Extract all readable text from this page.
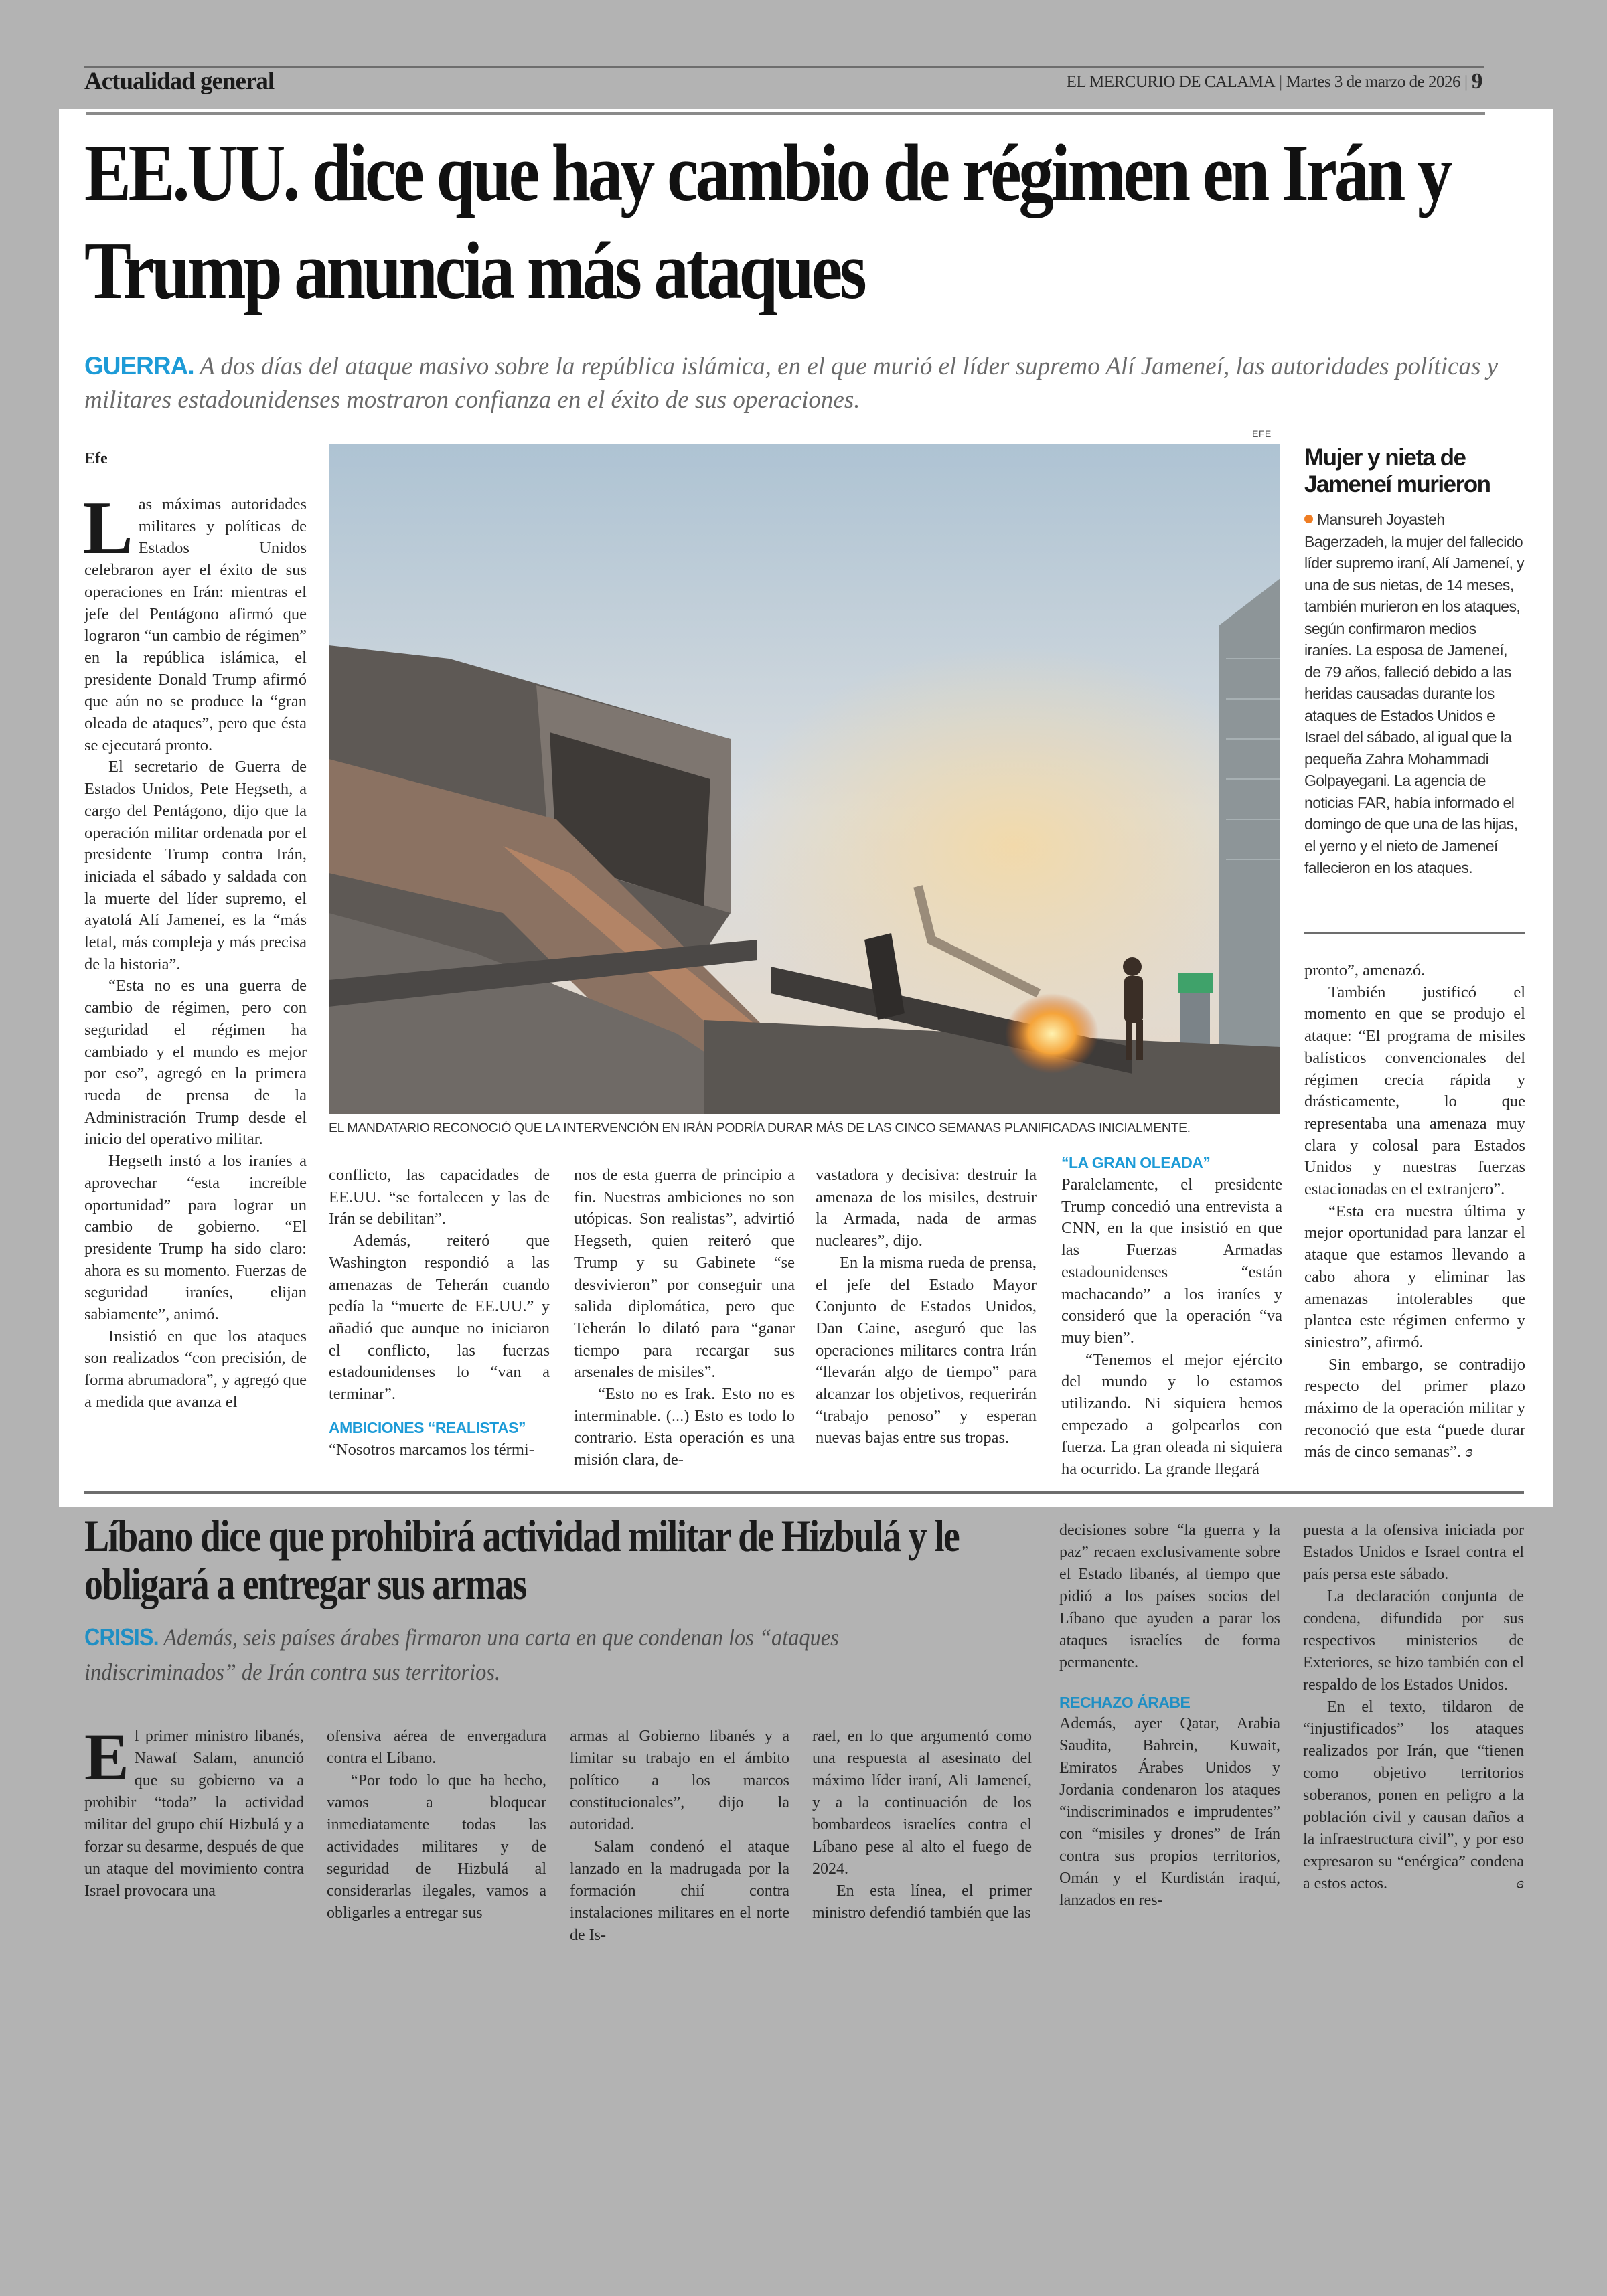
Actualidad general	EL MERCURIO DE CALAMA | Martes 3 de marzo de 2026 | 9
EE.UU. dice que hay cambio de régimen en Irán y Trump anuncia más ataques

GUERRA. A dos días del ataque masivo sobre la república islámica, en el que murió el líder supremo Alí Jameneí, las autoridades políticas y militares estadounidenses mostraron confianza en el éxito de sus operaciones.

Efe
L as máximas autoridades militares y políticas de Estados Unidos celebraron ayer el éxito de sus operaciones en Irán: mientras el jefe del Pentágono afirmó que lograron “un cambio de régimen” en la república islámica, el presidente Donald Trump afirmó que aún no se produce la “gran oleada de ataques”, pero que ésta se ejecutará pronto.

El secretario de Guerra de Estados Unidos, Pete Hegseth, a cargo del Pentágono, dijo que la operación militar ordenada por el presidente Trump contra Irán, iniciada el sábado y saldada con la muerte del líder supremo, el ayatolá Alí Jameneí, es la “más letal, más compleja y más precisa de la historia”.

“Esta no es una guerra de cambio de régimen, pero con seguridad el régimen ha cambiado y el mundo es mejor por eso”, agregó en la primera rueda de prensa de la Administración Trump desde el inicio del operativo militar.

Hegseth instó a los iraníes a aprovechar “esta increíble oportunidad” para lograr un cambio de gobierno. “El presidente Trump ha sido claro: ahora es su momento. Fuerzas de seguridad iraníes, elijan sabiamente”, animó.

Insistió en que los ataques son realizados “con precisión, de forma abrumadora”, y agregó que a medida que avanza el

EFE
EL MANDATARIO RECONOCIÓ QUE LA INTERVENCIÓN EN IRÁN PODRÍA DURAR MÁS DE LAS CINCO SEMANAS PLANIFICADAS INICIALMENTE.

conflicto, las capacidades de EE.UU. “se fortalecen y las de Irán se debilitan”.

Además, reiteró que Washington respondió a las amenazas de Teherán cuando pedía la “muerte de EE.UU.” y añadió que aunque no iniciaron el conflicto, las fuerzas estadounidenses lo “van a terminar”.

AMBICIONES “REALISTAS”

“Nosotros marcamos los térmi-

nos de esta guerra de principio a fin. Nuestras ambiciones no son utópicas. Son realistas”, advirtió Hegseth, quien reiteró que Trump y su Gabinete “se desvivieron” por conseguir una salida diplomática, pero que Teherán lo dilató para “ganar tiempo para recargar sus arsenales de misiles”.

“Esto no es Irak. Esto no es interminable. (...) Esto es todo lo contrario. Esta operación es una misión clara, de-

vastadora y decisiva: destruir la amenaza de los misiles, destruir la Armada, nada de armas nucleares”, dijo.

En la misma rueda de prensa, el jefe del Estado Mayor Conjunto de Estados Unidos, Dan Caine, aseguró que las operaciones militares contra Irán “llevarán algo de tiempo” para alcanzar los objetivos, requerirán “trabajo penoso” y esperan nuevas bajas entre sus tropas.

“LA GRAN OLEADA”

Paralelamente, el presidente Trump concedió una entrevista a CNN, en la que insistió en que las Fuerzas Armadas estadounidenses “están machacando” a los iraníes y consideró que la operación “va muy bien”.

“Tenemos el mejor ejército del mundo y lo estamos utilizando. Ni siquiera hemos empezado a golpearlos con fuerza. La gran oleada ni siquiera ha ocurrido. La grande llegará

pronto”, amenazó.

También justificó el momento en que se produjo el ataque: “El programa de misiles balísticos convencionales del régimen crecía rápida y drásticamente, lo que representaba una amenaza muy clara y colosal para Estados Unidos y nuestras fuerzas estacionadas en el extranjero”.

“Esta era nuestra última y mejor oportunidad para lanzar el ataque que estamos llevando a cabo ahora y eliminar las amenazas intolerables que plantea este régimen enfermo y siniestro”, afirmó.

Sin embargo, se contradijo respecto del primer plazo máximo de la operación militar y reconoció que esta “puede durar más de cinco semanas”. ɞ

Mujer y nieta de Jameneí murieron
Mansureh Joyasteh Bagerzadeh, la mujer del fallecido líder supremo iraní, Alí Jameneí, y una de sus nietas, de 14 meses, también murieron en los ataques, según confirmaron medios iraníes. La esposa de Jameneí, de 79 años, falleció debido a las heridas causadas durante los ataques de Estados Unidos e Israel del sábado, al igual que la pequeña Zahra Mohammadi Golpayegani. La agencia de noticias FAR, había informado el domingo de que una de las hijas, el yerno y el nieto de Jameneí fallecieron en los ataques.
Líbano dice que prohibirá actividad militar de Hizbulá y le obligará a entregar sus armas

CRISIS. Además, seis países árabes firmaron una carta en que condenan los “ataques indiscriminados” de Irán contra sus territorios.

E l primer ministro libanés, Nawaf Salam, anunció que su gobierno va a prohibir “toda” la actividad militar del grupo chií Hizbulá y a forzar su desarme, después de que un ataque del movimiento contra Israel provocara una

ofensiva aérea de envergadura contra el Líbano.

“Por todo lo que ha hecho, vamos a bloquear inmediatamente todas las actividades militares y de seguridad de Hizbulá al considerarlas ilegales, vamos a obligarles a entregar sus

armas al Gobierno libanés y a limitar su trabajo en el ámbito político a los marcos constitucionales”, dijo la autoridad.

Salam condenó el ataque lanzado en la madrugada por la formación chií contra instalaciones militares en el norte de Is-

rael, en lo que argumentó como una respuesta al asesinato del máximo líder iraní, Ali Jameneí, y a la continuación de los bombardeos israelíes contra el Líbano pese al alto el fuego de 2024.

En esta línea, el primer ministro defendió también que las

decisiones sobre “la guerra y la paz” recaen exclusivamente sobre el Estado libanés, al tiempo que pidió a los países socios del Líbano que ayuden a parar los ataques israelíes de forma permanente.

RECHAZO ÁRABE

Además, ayer Qatar, Arabia Saudita, Bahrein, Kuwait, Emiratos Árabes Unidos y Jordania condenaron los ataques “indiscriminados e imprudentes” con “misiles y drones” de Irán contra sus propios territorios, Omán y el Kurdistán iraquí, lanzados en res-

puesta a la ofensiva iniciada por Estados Unidos e Israel contra el país persa este sábado.

La declaración conjunta de condena, difundida por sus respectivos ministerios de Exteriores, se hizo también con el respaldo de los Estados Unidos.

En el texto, tildaron de “injustificados” los ataques realizados por Irán, que “tienen como objetivo territorios soberanos, ponen en peligro a la población civil y causan daños a la infraestructura civil”, y por eso expresaron su “enérgica” condena a estos actos.	ɞ
